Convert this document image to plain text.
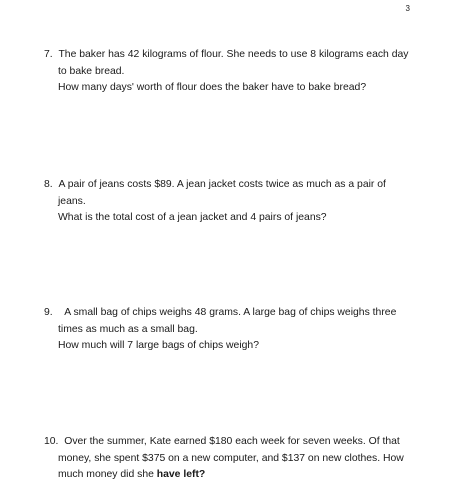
3

7. The baker has 42 kilograms of flour. She needs to use 8 kilograms each day

to bake bread.

How many days' worth of flour does the baker have to bake bread?

8. A pair of jeans costs $89. A jean jacket costs twice as much as a pair of

jeans.

What is the total cost of a jean jacket and 4 pairs of jeans?

9. A small bag of chips weighs 48 grams. A large bag of chips weighs three

times as much as a small bag.

How much will 7 large bags of chips weigh?

10. Over the summer, Kate earned $180 each week for seven weeks. Of that

money, she spent $375 on a new computer, and $137 on new clothes. How

much money did she have left?
